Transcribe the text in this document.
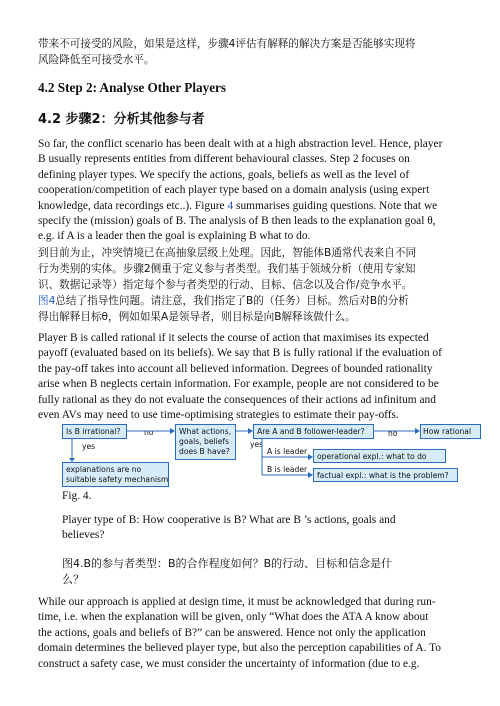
带来不可接受的风险，如果是这样，步骤4评估有解释的解决方案是否能够实现将
风险降低至可接受水平。

4.2 Step 2: Analyse Other Players
4.2 步骤2：分析其他参与者

So far, the conflict scenario has been dealt with at a high abstraction level. Hence, player
B usually represents entities from different behavioural classes. Step 2 focuses on
defining player types. We specify the actions, goals, beliefs as well as the level of
cooperation/competition of each player type based on a domain analysis (using expert
knowledge, data recordings etc..). Figure 4 summarises guiding questions. Note that we
specify the (mission) goals of B. The analysis of B then leads to the explanation goal θ,
e.g. if A is a leader then the goal is explaining B what to do.

到目前为止，冲突情境已在高抽象层级上处理。因此，智能体B通常代表来自不同
行为类别的实体。步骤2侧重于定义参与者类型。我们基于领域分析（使用专家知
识、数据记录等）指定每个参与者类型的行动、目标、信念以及合作/竞争水平。
图4总结了指导性问题。请注意，我们指定了B的（任务）目标。然后对B的分析
得出解释目标θ，例如如果A是领导者，则目标是向B解释该做什么。

Player B is called rational if it selects the course of action that maximises its expected
payoff (evaluated based on its beliefs). We say that B is fully rational if the evaluation of
the pay-off takes into account all believed information. Degrees of bounded rationality
arise when B neglects certain information. For example, people are not considered to be
fully rational as they do not evaluate the consequences of their actions ad infinitum and
even AVs may need to use time-optimising strategies to estimate their pay-offs.

Is B irrational?	no
yes
What actions,
goals, beliefs
does B have?
Are A and B follower-leader?	no	How rational
yes
A is leader
B is leader
operational expl.: what to do
factual expl.: what is the problem?
explanations are no
suitable safety mechanism

Fig. 4.

Player type of B: How cooperative is B? What are B ’s actions, goals and
believes?

图4.B的参与者类型：B的合作程度如何？B的行动、目标和信念是什
么？

While our approach is applied at design time, it must be acknowledged that during run-
time, i.e. when the explanation will be given, only “What does the ATA A know about
the actions, goals and beliefs of B?” can be answered. Hence not only the application
domain determines the believed player type, but also the perception capabilities of A. To
construct a safety case, we must consider the uncertainty of information (due to e.g.
